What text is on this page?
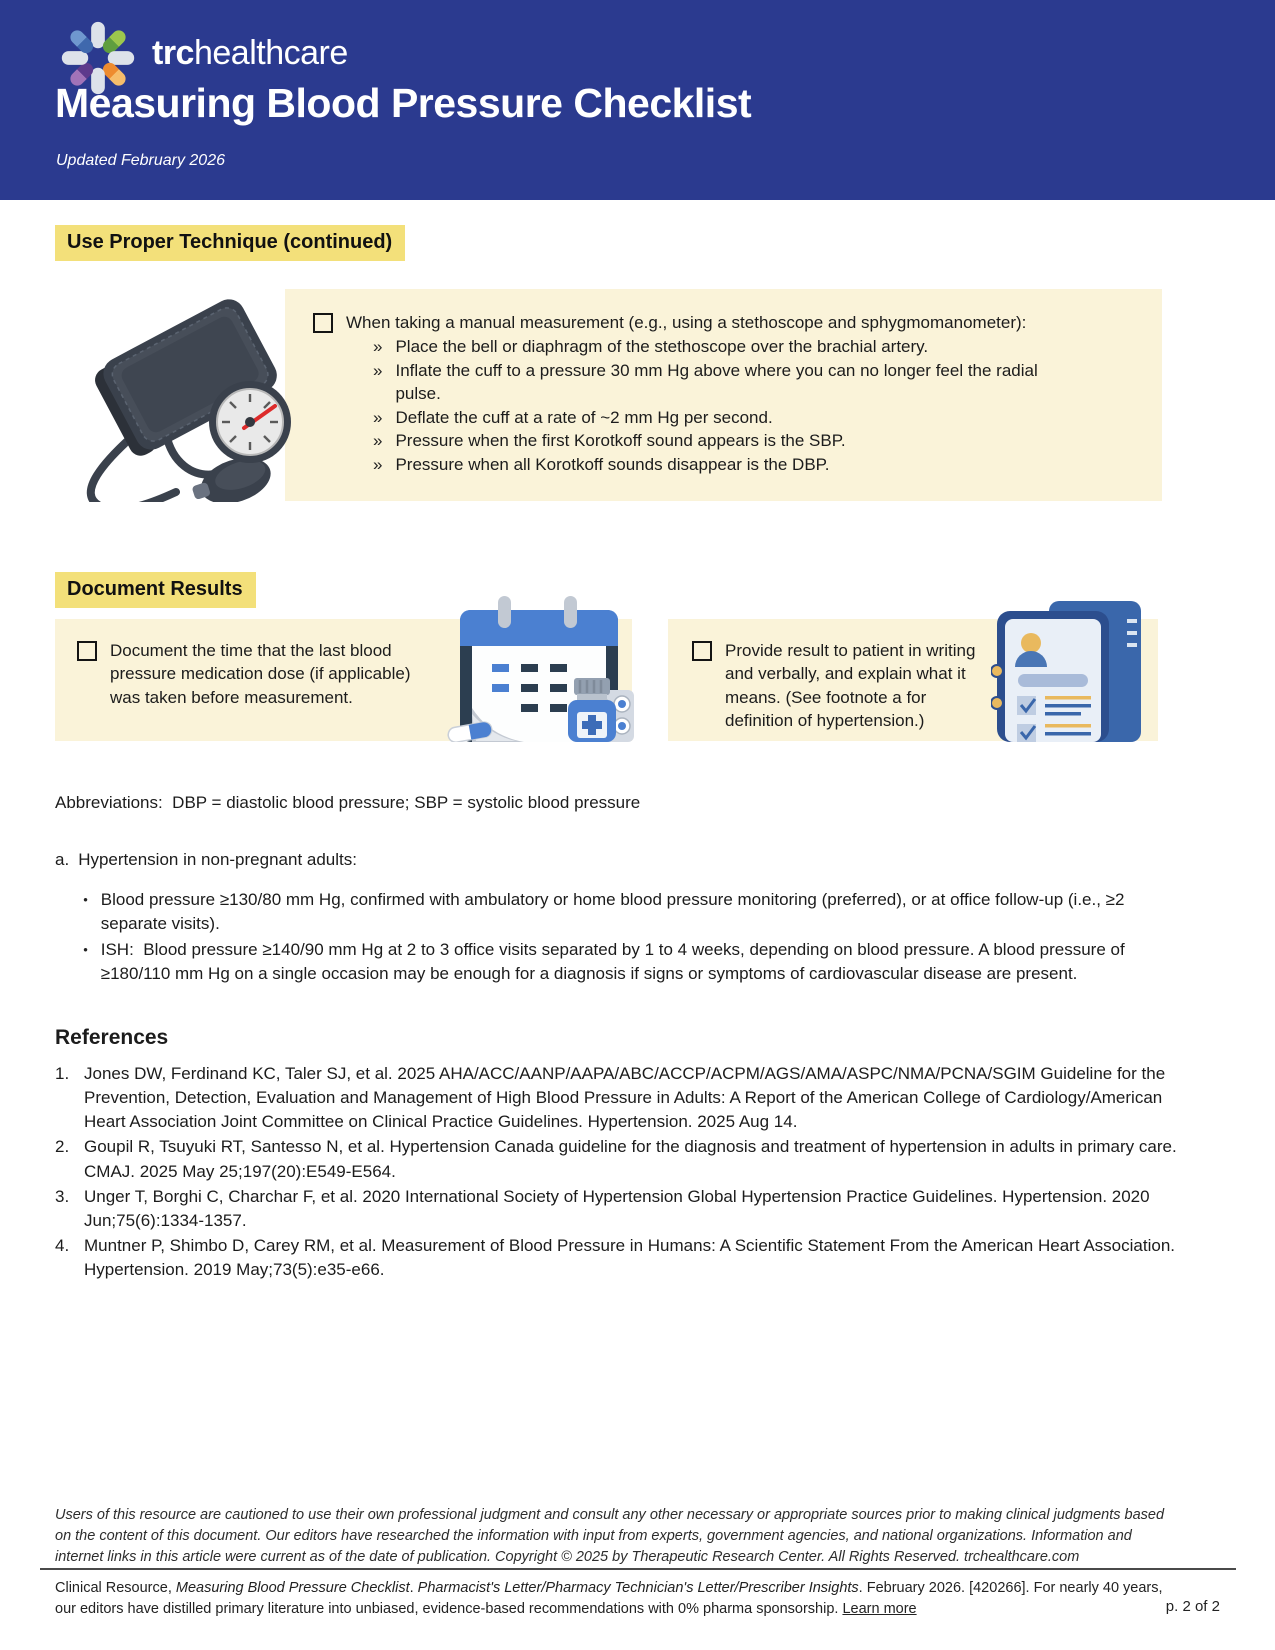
trchealthcare
Measuring Blood Pressure Checklist
Updated February 2026
Use Proper Technique (continued)
When taking a manual measurement (e.g., using a stethoscope and sphygmomanometer):
» Place the bell or diaphragm of the stethoscope over the brachial artery.
» Inflate the cuff to a pressure 30 mm Hg above where you can no longer feel the radial pulse.
» Deflate the cuff at a rate of ~2 mm Hg per second.
» Pressure when the first Korotkoff sound appears is the SBP.
» Pressure when all Korotkoff sounds disappear is the DBP.
Document Results
Document the time that the last blood pressure medication dose (if applicable) was taken before measurement.
Provide result to patient in writing and verbally, and explain what it means. (See footnote a for definition of hypertension.)
Abbreviations:  DBP = diastolic blood pressure; SBP = systolic blood pressure
a. Hypertension in non-pregnant adults:
• Blood pressure ≥130/80 mm Hg, confirmed with ambulatory or home blood pressure monitoring (preferred), or at office follow-up (i.e., ≥2 separate visits).
• ISH:  Blood pressure ≥140/90 mm Hg at 2 to 3 office visits separated by 1 to 4 weeks, depending on blood pressure. A blood pressure of ≥180/110 mm Hg on a single occasion may be enough for a diagnosis if signs or symptoms of cardiovascular disease are present.
References
1. Jones DW, Ferdinand KC, Taler SJ, et al. 2025 AHA/ACC/AANP/AAPA/ABC/ACCP/ACPM/AGS/AMA/ASPC/NMA/PCNA/SGIM Guideline for the Prevention, Detection, Evaluation and Management of High Blood Pressure in Adults: A Report of the American College of Cardiology/American Heart Association Joint Committee on Clinical Practice Guidelines. Hypertension. 2025 Aug 14.
2. Goupil R, Tsuyuki RT, Santesso N, et al. Hypertension Canada guideline for the diagnosis and treatment of hypertension in adults in primary care. CMAJ. 2025 May 25;197(20):E549-E564.
3. Unger T, Borghi C, Charchar F, et al. 2020 International Society of Hypertension Global Hypertension Practice Guidelines. Hypertension. 2020 Jun;75(6):1334-1357.
4. Muntner P, Shimbo D, Carey RM, et al. Measurement of Blood Pressure in Humans: A Scientific Statement From the American Heart Association. Hypertension. 2019 May;73(5):e35-e66.
Users of this resource are cautioned to use their own professional judgment and consult any other necessary or appropriate sources prior to making clinical judgments based on the content of this document. Our editors have researched the information with input from experts, government agencies, and national organizations. Information and internet links in this article were current as of the date of publication. Copyright © 2025 by Therapeutic Research Center. All Rights Reserved. trchealthcare.com
Clinical Resource, Measuring Blood Pressure Checklist. Pharmacist's Letter/Pharmacy Technician's Letter/Prescriber Insights. February 2026. [420266]. For nearly 40 years, our editors have distilled primary literature into unbiased, evidence-based recommendations with 0% pharma sponsorship. Learn more	p. 2 of 2
